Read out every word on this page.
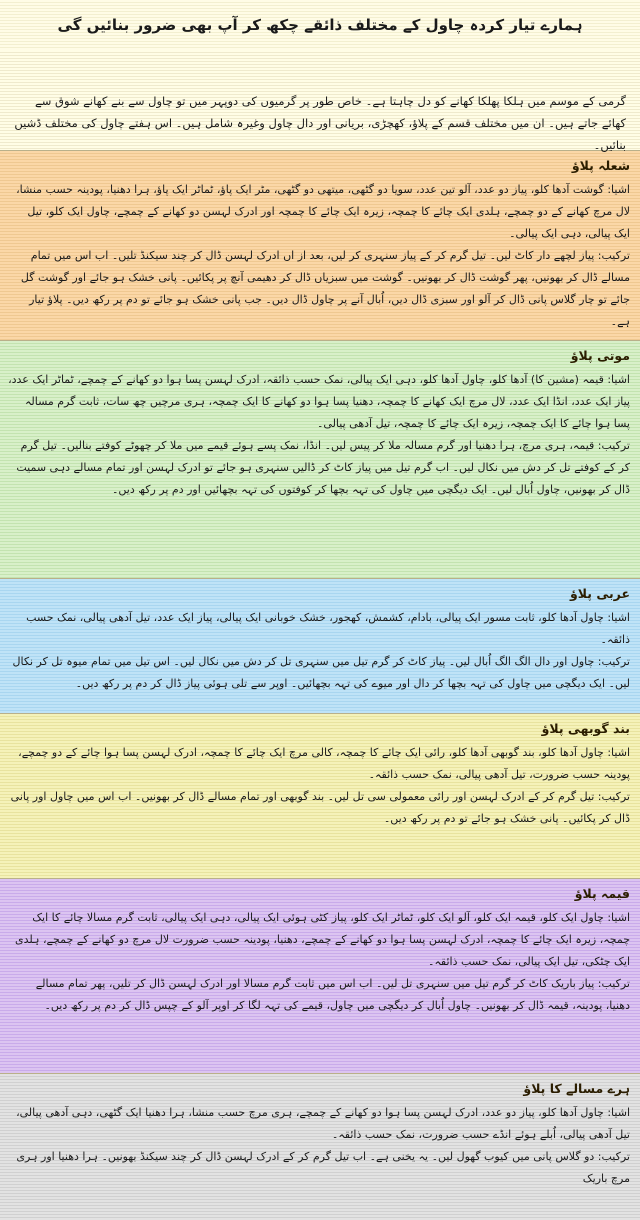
ہمارے تیار کردہ چاول کے مختلف ذائقے چکھ کر آپ بھی ضرور بنائیں گی
گرمی کے موسم میں ہلکا پھلکا کھانے کو دل چاہتا ہے۔ خاص طور پر گرمیوں کی دوپہر میں تو چاول سے بنے کھانے شوق سے کھائے جاتے ہیں۔ ان میں مختلف قسم کے پلاؤ، کھچڑی، بریانی اور دال چاول وغیرہ شامل ہیں۔ اس ہفتے چاول کی مختلف ڈشیں بنائیں۔
شعلہ پلاؤ

اشیا: گوشت آدھا کلو، پیاز دو عدد، آلو تین عدد، سویا دو گٹھی، میتھی دو گٹھی، مٹر ایک پاؤ، ٹماٹر ایک پاؤ، ہرا دھنیا، پودینہ حسب منشا، لال مرچ کھانے کے دو چمچے، ہلدی ایک چائے کا چمچہ، زیرہ ایک چائے کا چمچہ اور ادرک لہسن دو کھانے کے چمچے، چاول ایک کلو، تیل ایک پیالی، دہی ایک پیالی۔

ترکیب: پیاز لچھے دار کاٹ لیں۔ تیل گرم کر کے پیاز سنہری کر لیں، بعد از اں ادرک لہسن ڈال کر چند سیکنڈ تلیں۔ اب اس میں تمام مسالے ڈال کر بھونیں، پھر گوشت ڈال کر بھونیں۔ گوشت میں سبزیاں ڈال کر دھیمی آنچ پر پکائیں۔ پانی خشک ہو جائے اور گوشت گل جائے تو چار گلاس پانی ڈال کر آلو اور سبزی ڈال دیں، اُبال آنے پر چاول ڈال دیں۔ جب پانی خشک ہو جائے تو دم پر رکھ دیں۔ پلاؤ تیار ہے۔

موتی پلاؤ

اشیا: قیمہ (مشین کا) آدھا کلو، چاول آدھا کلو، دہی ایک پیالی، نمک حسب ذائقہ، ادرک لہسن پسا ہوا دو کھانے کے چمچے، ٹماٹر ایک عدد، پیاز ایک عدد، انڈا ایک عدد، لال مرچ ایک کھانے کا چمچہ، دھنیا پسا ہوا دو کھانے کا ایک چمچہ، ہری مرچیں چھ سات، ثابت گرم مسالہ پسا ہوا چائے کا ایک چمچہ، زیرہ ایک چائے کا چمچہ، تیل آدھی پیالی۔

ترکیب: قیمہ، ہری مرچ، ہرا دھنیا اور گرم مسالہ ملا کر پیس لیں۔ انڈا، نمک پسے ہوئے قیمے میں ملا کر چھوٹے کوفتے بنالیں۔ تیل گرم کر کے کوفتے تل کر دش میں نکال لیں۔ اب گرم تیل میں پیاز کاٹ کر ڈالیں سنہری ہو جائے تو ادرک لہسن اور تمام مسالے دہی سمیت ڈال کر بھونیں، چاول اُبال لیں۔ ایک دیگچی میں چاول کی تہہ بچھا کر کوفتوں کی تہہ بچھائیں اور دم پر رکھ دیں۔

عربی پلاؤ

اشیا: چاول آدھا کلو، ثابت مسور ایک پیالی، بادام، کشمش، کھجور، خشک خوبانی ایک پیالی، پیاز ایک عدد، تیل آدھی پیالی، نمک حسب ذائقہ۔

ترکیب: چاول اور دال الگ الگ اُبال لیں۔ پیاز کاٹ کر گرم تیل میں سنہری تل کر دش میں نکال لیں۔ اس تیل میں تمام میوہ تل کر نکال لیں۔ ایک دیگچی میں چاول کی تہہ بچھا کر دال اور میوے کی تہہ بچھائیں۔ اوپر سے تلی ہوئی پیاز ڈال کر دم پر رکھ دیں۔

بند گوبھی پلاؤ

اشیا: چاول آدھا کلو، بند گوبھی آدھا کلو، رائی ایک چائے کا چمچہ، کالی مرچ ایک چائے کا چمچہ، ادرک لہسن پسا ہوا چائے کے دو چمچے، پودینہ حسب ضرورت، تیل آدھی پیالی، نمک حسب ذائقہ۔

ترکیب: تیل گرم کر کے ادرک لہسن اور رائی معمولی سی تل لیں۔ بند گوبھی اور تمام مسالے ڈال کر بھونیں۔ اب اس میں چاول اور پانی ڈال کر پکائیں۔ پانی خشک ہو جائے تو دم پر رکھ دیں۔

قیمہ پلاؤ

اشیا: چاول ایک کلو، قیمہ ایک کلو، آلو ایک کلو، ٹماٹر ایک کلو، پیاز کٹی ہوئی ایک پیالی، دہی ایک پیالی، ثابت گرم مسالا چائے کا ایک چمچہ، زیرہ ایک چائے کا چمچہ، ادرک لہسن پسا ہوا دو کھانے کے چمچے، دھنیا، پودینہ حسب ضرورت لال مرچ دو کھانے کے چمچے، ہلدی ایک چٹکی، تیل ایک پیالی، نمک حسب ذائقہ۔

ترکیب: پیاز باریک کاٹ کر گرم تیل میں سنہری تل لیں۔ اب اس میں ثابت گرم مسالا اور ادرک لہسن ڈال کر تلیں، پھر تمام مسالے دھنیا، پودینہ، قیمہ ڈال کر بھونیں۔ چاول اُبال کر دیگچی میں چاول، قیمے کی تہہ لگا کر اوپر آلو کے چپس ڈال کر دم پر رکھ دیں۔

ہرے مسالے کا پلاؤ

اشیا: چاول آدھا کلو، پیاز دو عدد، ادرک لہسن پسا ہوا دو کھانے کے چمچے، ہری مرچ حسب منشا، ہرا دھنیا ایک گٹھی، دہی آدھی پیالی، تیل آدھی پیالی، اُبلے ہوئے انڈے حسب ضرورت، نمک حسب ذائقہ۔

ترکیب: دو گلاس پانی میں کیوب گھول لیں۔ یہ یخنی ہے۔ اب تیل گرم کر کے ادرک لہسن ڈال کر چند سیکنڈ بھونیں۔ ہرا دھنیا اور ہری مرچ باریک
